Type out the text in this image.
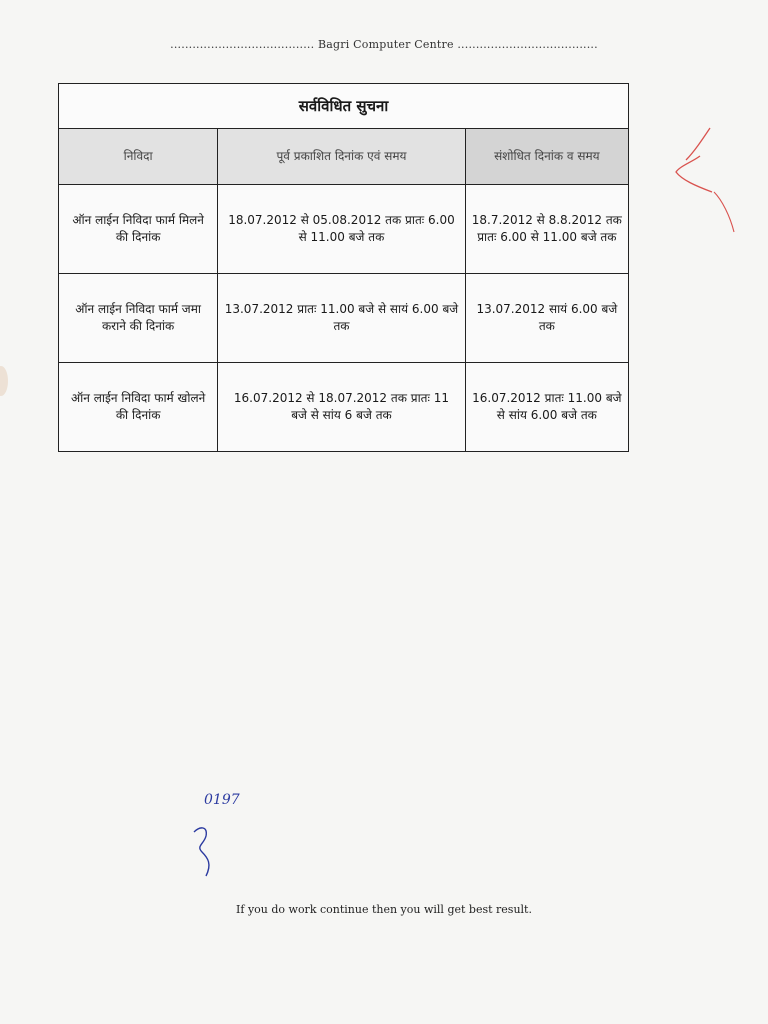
....................................... Bagri Computer Centre ......................................
सर्वविधित सुचना		
निविदा	पूर्व प्रकाशित दिनांक एवं समय	संशोधित दिनांक व समय
ऑन लाईन निविदा फार्म मिलने की दिनांक	18.07.2012 से 05.08.2012 तक प्रातः 6.00 से 11.00 बजे तक	18.7.2012 से 8.8.2012 तक प्रातः 6.00 से 11.00 बजे तक
ऑन लाईन निविदा फार्म जमा कराने की दिनांक	13.07.2012 प्रातः 11.00 बजे से सायं 6.00 बजे तक	13.07.2012 सायं 6.00 बजे तक
ऑन लाईन निविदा फार्म खोलने की दिनांक	16.07.2012 से 18.07.2012 तक प्रातः 11 बजे से सांय 6 बजे तक	16.07.2012 प्रातः 11.00 बजे से सांय 6.00 बजे तक
0197
If you do work continue then you will get best result.
